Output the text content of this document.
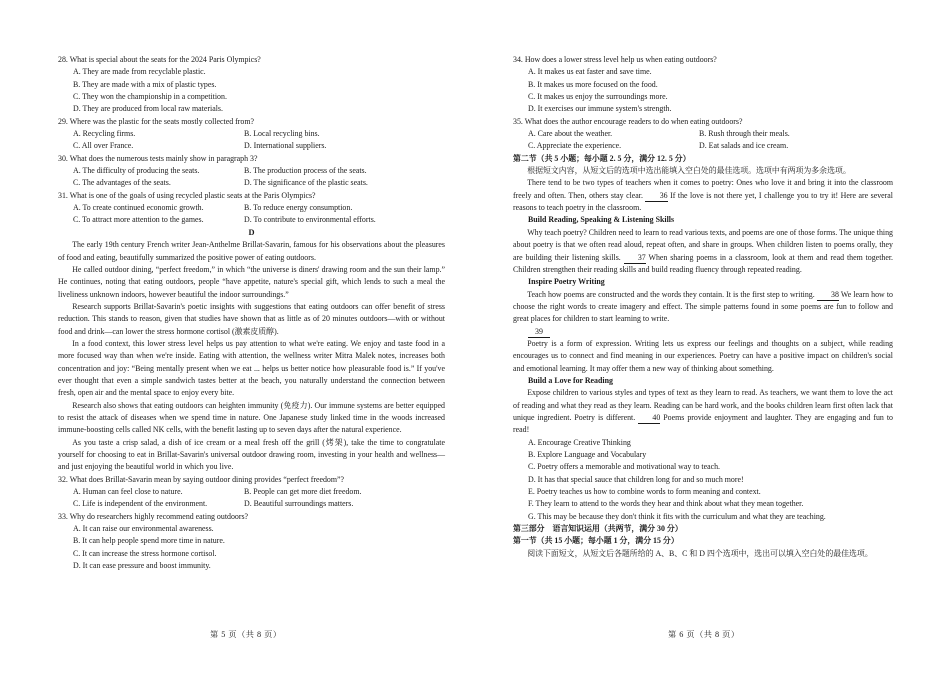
28. What is special about the seats for the 2024 Paris Olympics?
A. They are made from recyclable plastic.
B. They are made with a mix of plastic types.
C. They won the championship in a competition.
D. They are produced from local raw materials.
29. Where was the plastic for the seats mostly collected from?
A. Recycling firms.	B. Local recycling bins.
C. All over France.	D. International suppliers.
30. What does the numerous tests mainly show in paragraph 3?
A. The difficulty of producing the seats.	B. The production process of the seats.
C. The advantages of the seats.	D. The significance of the plastic seats.
31. What is one of the goals of using recycled plastic seats at the Paris Olympics?
A. To create continued economic growth.	B. To reduce energy consumption.
C. To attract more attention to the games.	D. To contribute to environmental efforts.
D

The early 19th century French writer Jean-Anthelme Brillat-Savarin, famous for his observations about the pleasures of food and eating, beautifully summarized the positive power of eating outdoors.

He called outdoor dining, “perfect freedom,” in which “the universe is diners' drawing room and the sun their lamp.” He continues, noting that eating outdoors, people “have appetite, nature's special gift, which lends to such a meal the liveliness unknown indoors, however beautiful the indoor surroundings.”

Research supports Brillat-Savarin's poetic insights with suggestions that eating outdoors can offer benefit of stress reduction. This stands to reason, given that studies have shown that as little as of 20 minutes outdoors—with or without food and drink—can lower the stress hormone cortisol (激素皮质醇).

In a food context, this lower stress level helps us pay attention to what we're eating. We enjoy and taste food in a more focused way than when we're inside. Eating with attention, the wellness writer Mitra Malek notes, increases both concentration and joy: “Being mentally present when we eat ... helps us better notice how pleasurable food is.” If you've ever thought that even a simple sandwich tastes better at the beach, you naturally understand the connection between fresh, open air and the mental space to enjoy every bite.

Research also shows that eating outdoors can heighten immunity (免疫力). Our immune systems are better equipped to resist the attack of diseases when we spend time in nature. One Japanese study linked time in the woods increased immune-boosting cells called NK cells, with the benefit lasting up to seven days after the natural experience.

As you taste a crisp salad, a dish of ice cream or a meal fresh off the grill (烤架), take the time to congratulate yourself for choosing to eat in Brillat-Savarin's universal outdoor drawing room, investing in your health and wellness—and just enjoying the beautiful world in which you live.

32. What does Brillat-Savarin mean by saying outdoor dining provides “perfect freedom”?
A. Human can feel close to nature.	B. People can get more diet freedom.
C. Life is independent of the environment.	D. Beautiful surroundings matters.
33. Why do researchers highly recommend eating outdoors?
A. It can raise our environmental awareness.
B. It can help people spend more time in nature.
C. It can increase the stress hormone cortisol.
D. It can ease pressure and boost immunity.
34. How does a lower stress level help us when eating outdoors?
A. It makes us eat faster and save time.
B. It makes us more focused on the food.
C. It makes us enjoy the surroundings more.
D. It exercises our immune system's strength.
35. What does the author encourage readers to do when eating outdoors?
A. Care about the weather.	B. Rush through their meals.
C. Appreciate the experience.	D. Eat salads and ice cream.
第二节（共 5 小题；每小题 2. 5 分，满分 12. 5 分）

根据短文内容，从短文后的选项中选出能填入空白处的最佳选项。选项中有两项为多余选项。

There tend to be two types of teachers when it comes to poetry: Ones who love it and bring it into the classroom freely and often. Then, others stay clear. 36 If the love is not there yet, I challenge you to try it! Here are several reasons to teach poetry in the classroom.

Build Reading, Speaking & Listening Skills

Why teach poetry? Children need to learn to read various texts, and poems are one of those forms. The unique thing about poetry is that we often read aloud, repeat often, and share in groups. When children listen to poems orally, they are building their listening skills. 37 When sharing poems in a classroom, look at them and read them together. Children strengthen their reading skills and build reading fluency through repeated reading.

Inspire Poetry Writing

Teach how poems are constructed and the words they contain. It is the first step to writing. 38 We learn how to choose the right words to create imagery and effect. The simple patterns found in some poems are fun to follow and great places for children to start learning to write.

39

Poetry is a form of expression. Writing lets us express our feelings and thoughts on a subject, while reading encourages us to connect and find meaning in our experiences. Poetry can have a positive impact on children's social and emotional learning. It may offer them a new way of thinking about something.

Build a Love for Reading

Expose children to various styles and types of text as they learn to read. As teachers, we want them to love the act of reading and what they read as they learn. Reading can be hard work, and the books children learn first often lack that unique ingredient. Poetry is different. 40 Poems provide enjoyment and laughter. They are engaging and fun to read!

A. Encourage Creative Thinking
B. Explore Language and Vocabulary
C. Poetry offers a memorable and motivational way to teach.
D. It has that special sauce that children long for and so much more!
E. Poetry teaches us how to combine words to form meaning and context.
F. They learn to attend to the words they hear and think about what they mean together.
G. This may be because they don't think it fits with the curriculum and what they are teaching.
第三部分　语言知识运用（共两节，满分 30 分）
第一节（共 15 小题；每小题 1 分，满分 15 分）

阅读下面短文，从短文后各题所给的 A、B、C 和 D 四个选项中，选出可以填入空白处的最佳选项。

第 5 页（共 8 页）	第 6 页（共 8 页）
